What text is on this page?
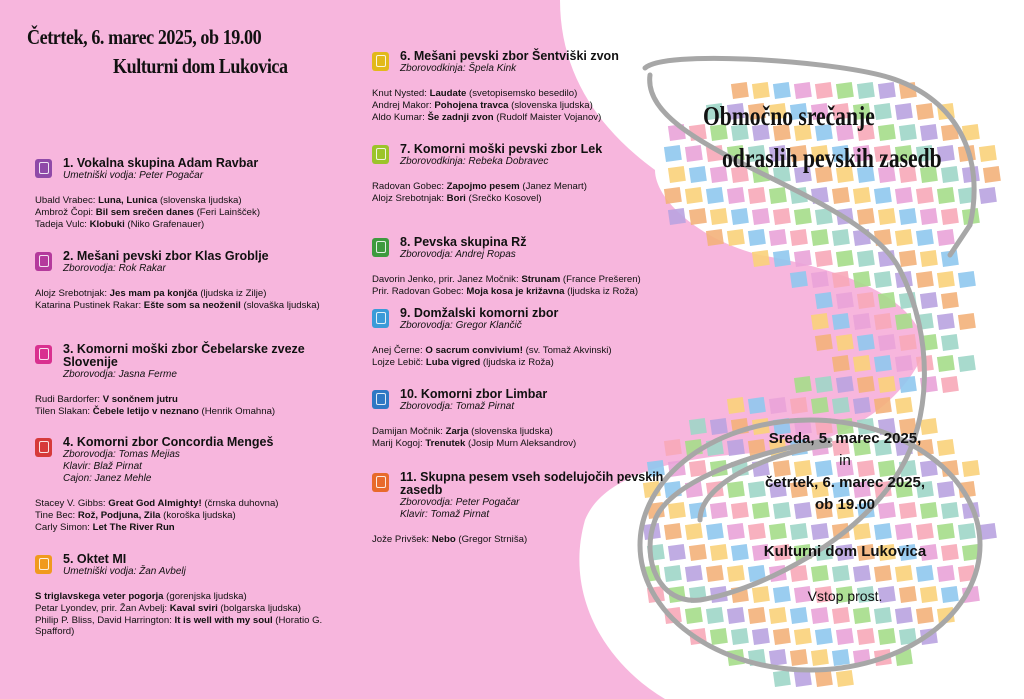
Četrtek, 6. marec 2025, ob 19.00
Kulturni dom Lukovica
1. Vokalna skupina Adam Ravbar
Umetniški vodja: Peter Pogačar
Ubald Vrabec: Luna, Lunica (slovenska ljudska)
Ambrož Čopi: Bil sem srečen danes (Feri Lainšček)
Tadeja Vulc: Klobuki (Niko Grafenauer)
2. Mešani pevski zbor Klas Groblje
Zborovodja: Rok Rakar
Alojz Srebotnjak: Jes mam pa konjča (ljudska iz Zilje)
Katarina Pustinek Rakar: Ešte som sa neoženil (slovaška ljudska)
3. Komorni moški zbor Čebelarske zveze Slovenije
Zborovodja: Jasna Ferme
Rudi Bardorfer: V sončnem jutru
Tilen Slakan: Čebele letijo v neznano (Henrik Omahna)
4. Komorni zbor Concordia Mengeš
Zborovodja: Tomas Mejias
Klavir: Blaž Pirnat
Cajon: Janez Mehle
Stacey V. Gibbs: Great God Almighty! (črnska duhovna)
Tine Bec: Rož, Podjuna, Zila (koroška ljudska)
Carly Simon: Let The River Run
5. Oktet MI
Umetniški vodja: Žan Avbelj
S triglavskega veter pogorja (gorenjska ljudska)
Petar Lyondev, prir. Žan Avbelj: Kaval sviri (bolgarska ljudska)
Philip P. Bliss, David Harrington: It is well with my soul (Horatio G. Spafford)
6. Mešani pevski zbor Šentviški zvon
Zborovodkinja: Špela Kink
Knut Nysted: Laudate (svetopisemsko besedilo)
Andrej Makor: Pohojena travca (slovenska ljudska)
Aldo Kumar: Še zadnji zvon (Rudolf Maister Vojanov)
7. Komorni moški pevski zbor Lek
Zborovodkinja: Rebeka Dobravec
Radovan Gobec: Zapojmo pesem (Janez Menart)
Alojz Srebotnjak: Bori (Srečko Kosovel)
8. Pevska skupina Rž
Zborovodja: Andrej Ropas
Davorin Jenko, prir. Janez Močnik: Strunam (France Prešeren)
Prir. Radovan Gobec: Moja kosa je križavna (ljudska iz Roža)
9. Domžalski komorni zbor
Zborovodja: Gregor Klančič
Anej Černe: O sacrum convivium! (sv. Tomaž Akvinski)
Lojze Lebič: Luba vigred (ljudska iz Roža)
10. Komorni zbor Limbar
Zborovodja: Tomaž Pirnat
Damijan Močnik: Zarja (slovenska ljudska)
Marij Kogoj: Trenutek (Josip Murn Aleksandrov)
11. Skupna pesem vseh sodelujočih pevskih zasedb
Zborovodja: Peter Pogačar
Klavir: Tomaž Pirnat
Jože Privšek: Nebo (Gregor Strniša)
Območno srečanje
odraslih pevskih zasedb
Sreda, 5. marec 2025,
in
četrtek, 6. marec 2025,
ob 19.00
Kulturni dom Lukovica
Vstop prost.
